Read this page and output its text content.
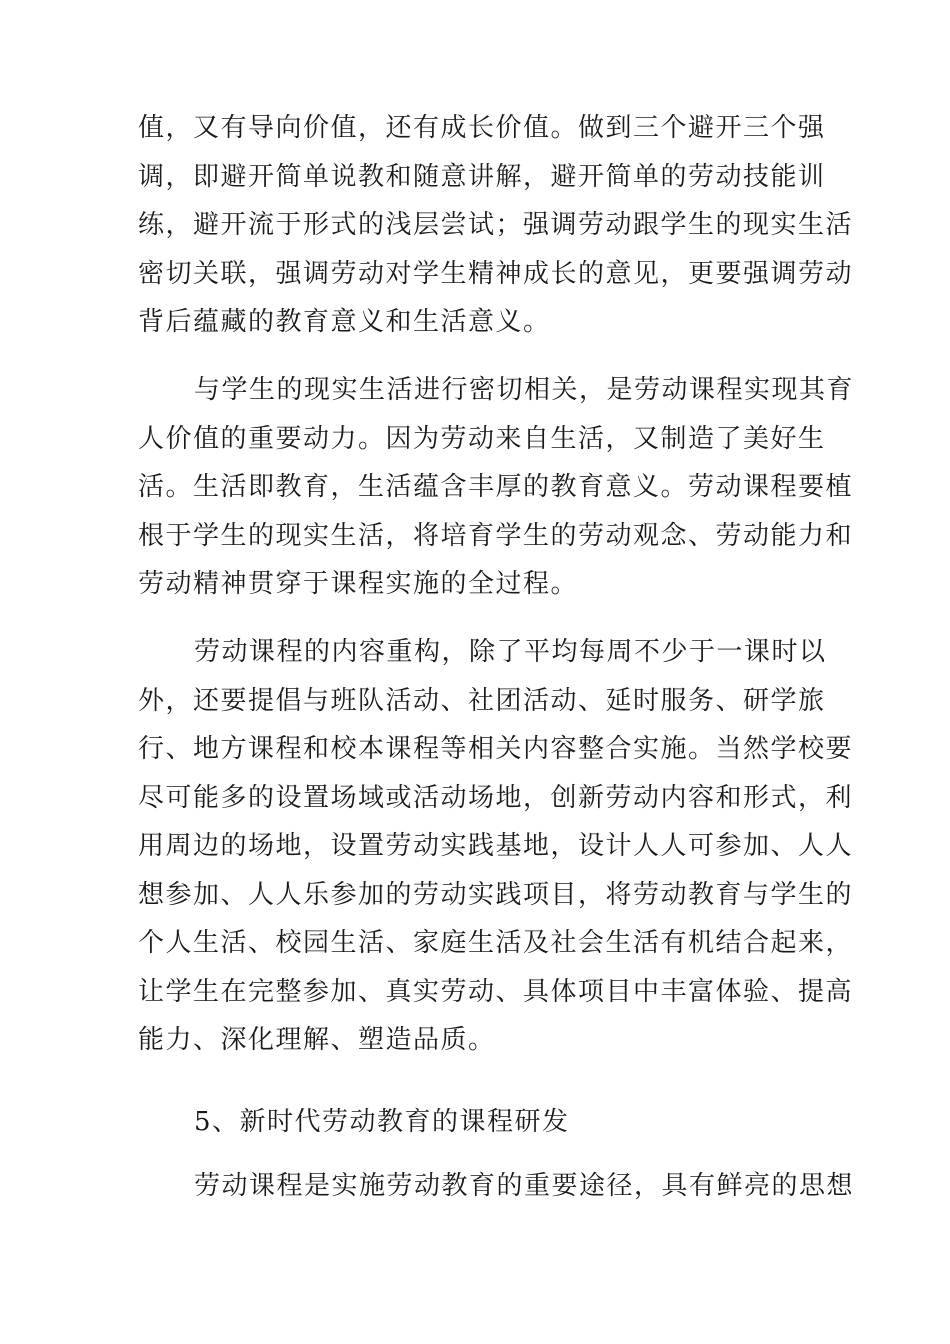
值，又有导向价值，还有成长价值。做到三个避开三个强
调，即避开简单说教和随意讲解，避开简单的劳动技能训
练，避开流于形式的浅层尝试；强调劳动跟学生的现实生活
密切关联，强调劳动对学生精神成长的意见，更要强调劳动
背后蕴藏的教育意义和生活意义。
与学生的现实生活进行密切相关，是劳动课程实现其育
人价值的重要动力。因为劳动来自生活，又制造了美好生
活。生活即教育，生活蕴含丰厚的教育意义。劳动课程要植
根于学生的现实生活，将培育学生的劳动观念、劳动能力和
劳动精神贯穿于课程实施的全过程。
劳动课程的内容重构，除了平均每周不少于一课时以
外，还要提倡与班队活动、社团活动、延时服务、研学旅
行、地方课程和校本课程等相关内容整合实施。当然学校要
尽可能多的设置场域或活动场地，创新劳动内容和形式，利
用周边的场地，设置劳动实践基地，设计人人可参加、人人
想参加、人人乐参加的劳动实践项目，将劳动教育与学生的
个人生活、校园生活、家庭生活及社会生活有机结合起来，
让学生在完整参加、真实劳动、具体项目中丰富体验、提高
能力、深化理解、塑造品质。
5、新时代劳动教育的课程研发
劳动课程是实施劳动教育的重要途径，具有鲜亮的思想
